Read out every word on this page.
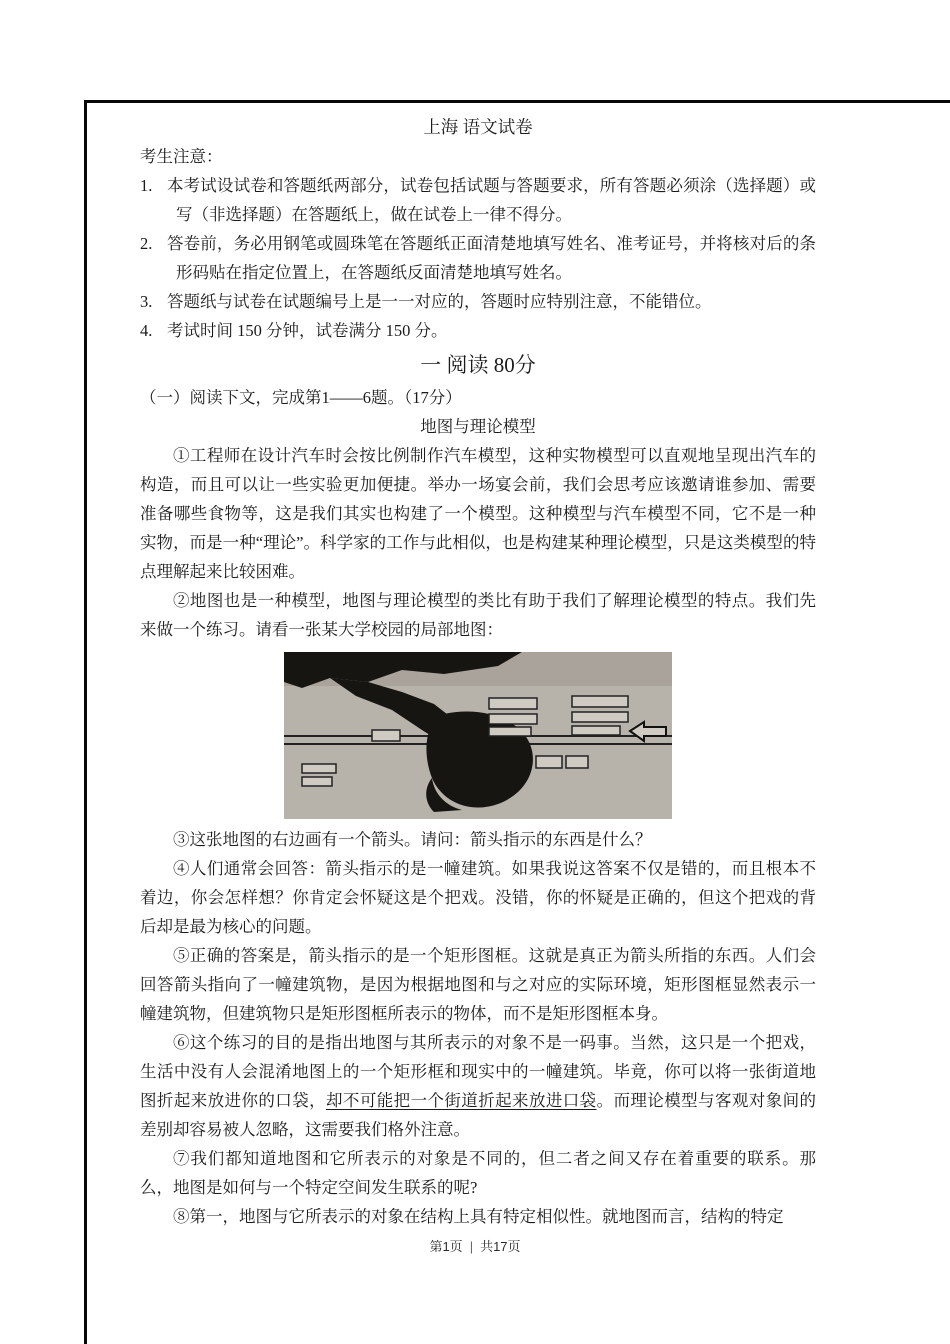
上海 语文试卷

考生注意：

1. 本考试设试卷和答题纸两部分，试卷包括试题与答题要求，所有答题必须涂（选择题）或写（非选择题）在答题纸上，做在试卷上一律不得分。
2. 答卷前，务必用钢笔或圆珠笔在答题纸正面清楚地填写姓名、准考证号，并将核对后的条形码贴在指定位置上，在答题纸反面清楚地填写姓名。
3. 答题纸与试卷在试题编号上是一一对应的，答题时应特别注意，不能错位。
4. 考试时间 150 分钟，试卷满分 150 分。
一 阅读 80分

（一）阅读下文，完成第1——6题。（17分）

地图与理论模型

①工程师在设计汽车时会按比例制作汽车模型，这种实物模型可以直观地呈现出汽车的构造，而且可以让一些实验更加便捷。举办一场宴会前，我们会思考应该邀请谁参加、需要准备哪些食物等，这是我们其实也构建了一个模型。这种模型与汽车模型不同，它不是一种实物，而是一种“理论”。科学家的工作与此相似，也是构建某种理论模型，只是这类模型的特点理解起来比较困难。

②地图也是一种模型，地图与理论模型的类比有助于我们了解理论模型的特点。我们先来做一个练习。请看一张某大学校园的局部地图：

③这张地图的右边画有一个箭头。请问：箭头指示的东西是什么？

④人们通常会回答：箭头指示的是一幢建筑。如果我说这答案不仅是错的，而且根本不着边，你会怎样想？你肯定会怀疑这是个把戏。没错，你的怀疑是正确的，但这个把戏的背后却是最为核心的问题。

⑤正确的答案是，箭头指示的是一个矩形图框。这就是真正为箭头所指的东西。人们会回答箭头指向了一幢建筑物，是因为根据地图和与之对应的实际环境，矩形图框显然表示一幢建筑物，但建筑物只是矩形图框所表示的物体，而不是矩形图框本身。

⑥这个练习的目的是指出地图与其所表示的对象不是一码事。当然，这只是一个把戏，生活中没有人会混淆地图上的一个矩形框和现实中的一幢建筑。毕竟，你可以将一张街道地图折起来放进你的口袋，却不可能把一个街道折起来放进口袋。而理论模型与客观对象间的差别却容易被人忽略，这需要我们格外注意。

⑦我们都知道地图和它所表示的对象是不同的，但二者之间又存在着重要的联系。那么，地图是如何与一个特定空间发生联系的呢?

⑧第一，地图与它所表示的对象在结构上具有特定相似性。就地图而言，结构的特定

第1页 | 共17页
